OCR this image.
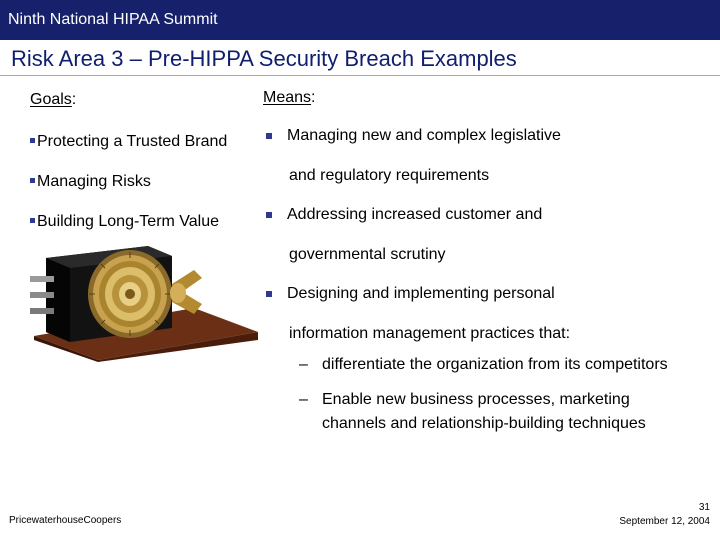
Ninth National HIPAA Summit
Risk Area 3 – Pre-HIPPA Security Breach Examples
Goals:
Protecting a Trusted Brand
Managing Risks
Building Long-Term Value
Means:
Managing new and complex legislative
and regulatory requirements
Addressing increased customer and
governmental scrutiny
Designing and implementing personal
information management practices that:
– differentiate the organization from its competitors
– Enable new business processes, marketing
channels and relationship-building techniques
PricewaterhouseCoopers
31
September 12, 2004
